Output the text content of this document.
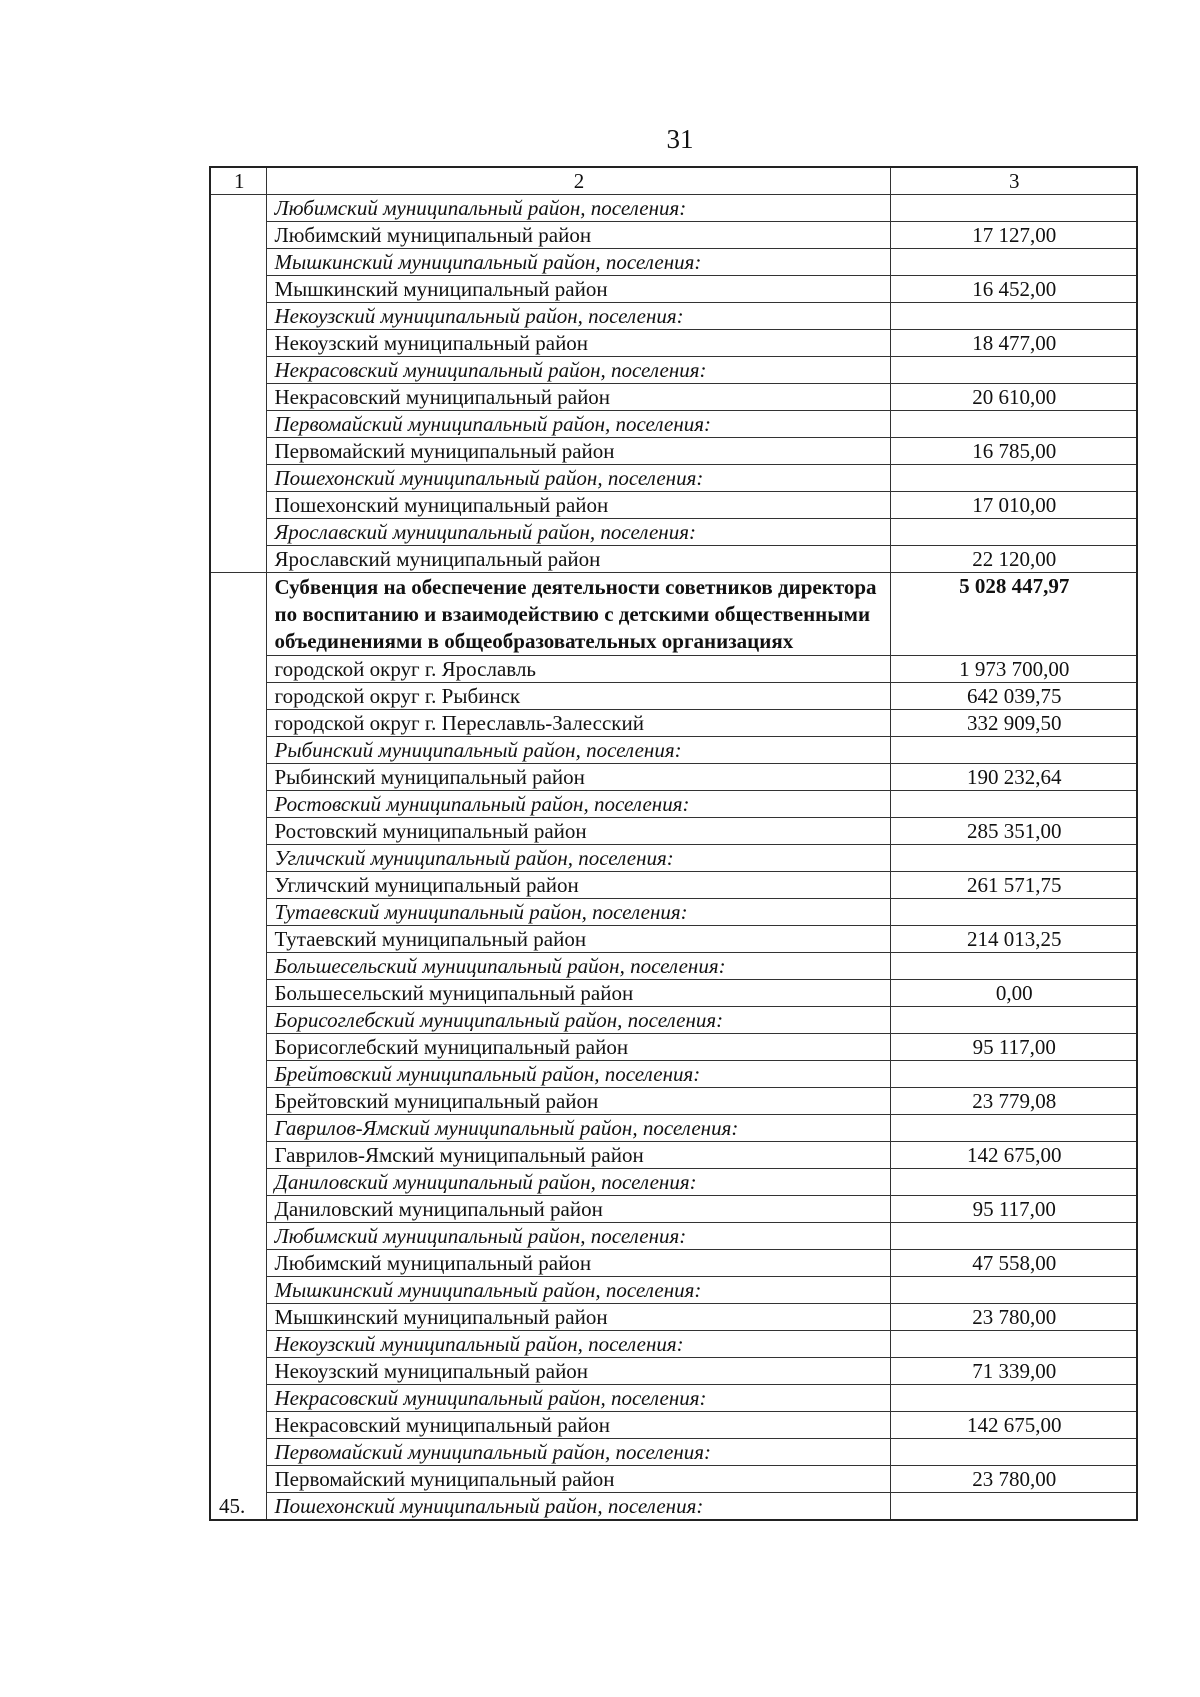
31
1	2	3
	Любимский муниципальный район, поселения:	
	Любимский муниципальный район	17 127,00
	Мышкинский муниципальный район, поселения:	
	Мышкинский муниципальный район	16 452,00
	Некоузский муниципальный район, поселения:	
	Некоузский муниципальный район	18 477,00
	Некрасовский муниципальный район, поселения:	
	Некрасовский муниципальный район	20 610,00
	Первомайский муниципальный район, поселения:	
	Первомайский муниципальный район	16 785,00
	Пошехонский муниципальный район, поселения:	
	Пошехонский муниципальный район	17 010,00
	Ярославский муниципальный район, поселения:	
	Ярославский муниципальный район	22 120,00
45.	Субвенция на обеспечение деятельности советников директора по воспитанию и взаимодействию с детскими общественными объединениями в общеобразовательных организациях	5 028 447,97
	городской округ г. Ярославль	1 973 700,00
	городской округ г. Рыбинск	642 039,75
	городской округ г. Переславль-Залесский	332 909,50
	Рыбинский муниципальный район, поселения:	
	Рыбинский муниципальный район	190 232,64
	Ростовский муниципальный район, поселения:	
	Ростовский муниципальный район	285 351,00
	Угличский муниципальный район, поселения:	
	Угличский муниципальный район	261 571,75
	Тутаевский муниципальный район, поселения:	
	Тутаевский муниципальный район	214 013,25
	Большесельский муниципальный район, поселения:	
	Большесельский муниципальный район	0,00
	Борисоглебский муниципальный район, поселения:	
	Борисоглебский муниципальный район	95 117,00
	Брейтовский муниципальный район, поселения:	
	Брейтовский муниципальный район	23 779,08
	Гаврилов-Ямский муниципальный район, поселения:	
	Гаврилов-Ямский муниципальный район	142 675,00
	Даниловский муниципальный район, поселения:	
	Даниловский муниципальный район	95 117,00
	Любимский муниципальный район, поселения:	
	Любимский муниципальный район	47 558,00
	Мышкинский муниципальный район, поселения:	
	Мышкинский муниципальный район	23 780,00
	Некоузский муниципальный район, поселения:	
	Некоузский муниципальный район	71 339,00
	Некрасовский муниципальный район, поселения:	
	Некрасовский муниципальный район	142 675,00
	Первомайский муниципальный район, поселения:	
	Первомайский муниципальный район	23 780,00
	Пошехонский муниципальный район, поселения:	
